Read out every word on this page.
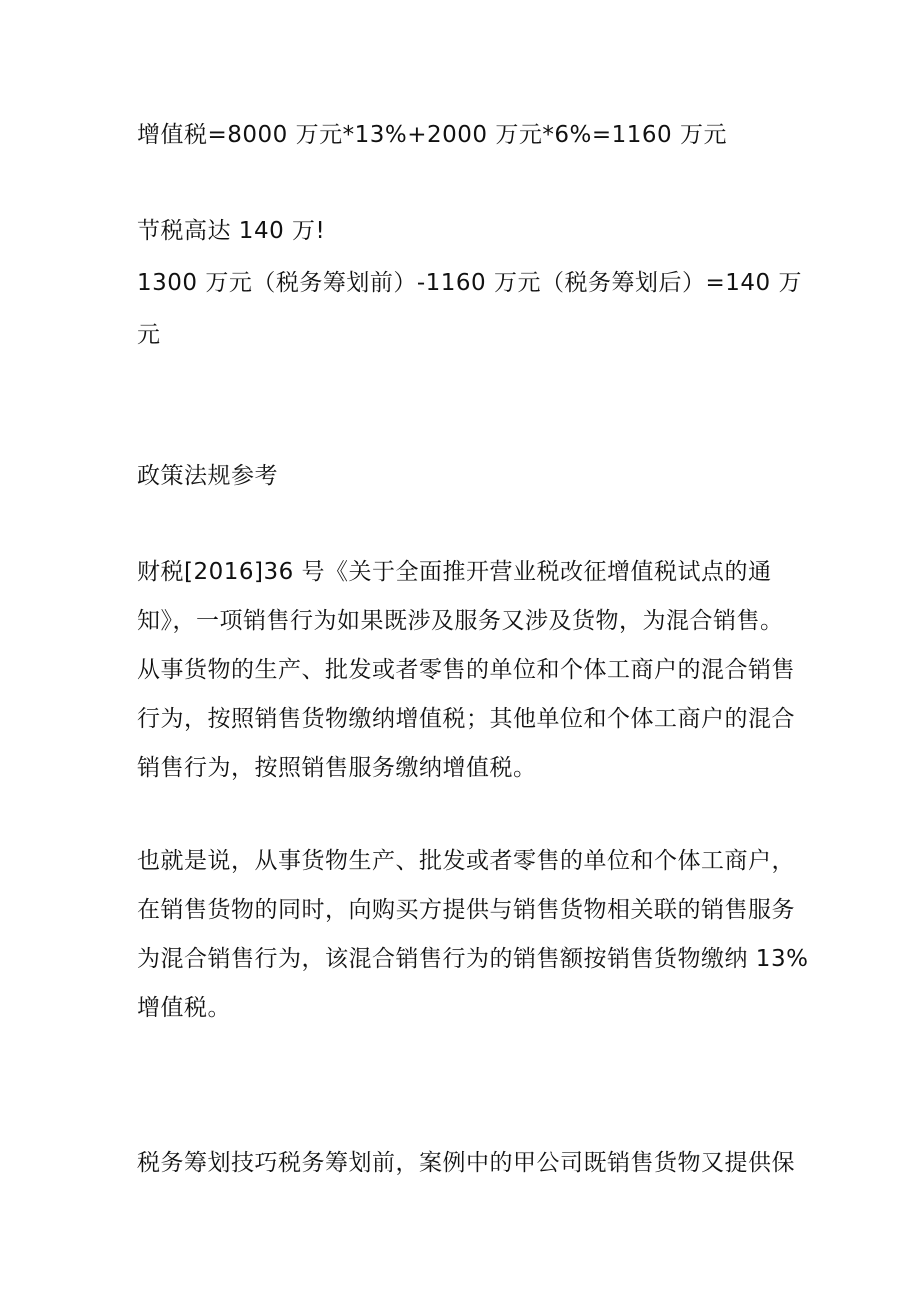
增值税=8000 万元*13%+2000 万元*6%=1160 万元
节税高达 140 万!
1300 万元（税务筹划前）-1160 万元（税务筹划后）=140 万
元
政策法规参考
财税[2016]36 号《关于全面推开营业税改征增值税试点的通
知》，一项销售行为如果既涉及服务又涉及货物，为混合销售。
从事货物的生产、批发或者零售的单位和个体工商户的混合销售
行为，按照销售货物缴纳增值税；其他单位和个体工商户的混合
销售行为，按照销售服务缴纳增值税。
也就是说，从事货物生产、批发或者零售的单位和个体工商户，
在销售货物的同时，向购买方提供与销售货物相关联的销售服务
为混合销售行为，该混合销售行为的销售额按销售货物缴纳 13%
增值税。
税务筹划技巧税务筹划前，案例中的甲公司既销售货物又提供保
